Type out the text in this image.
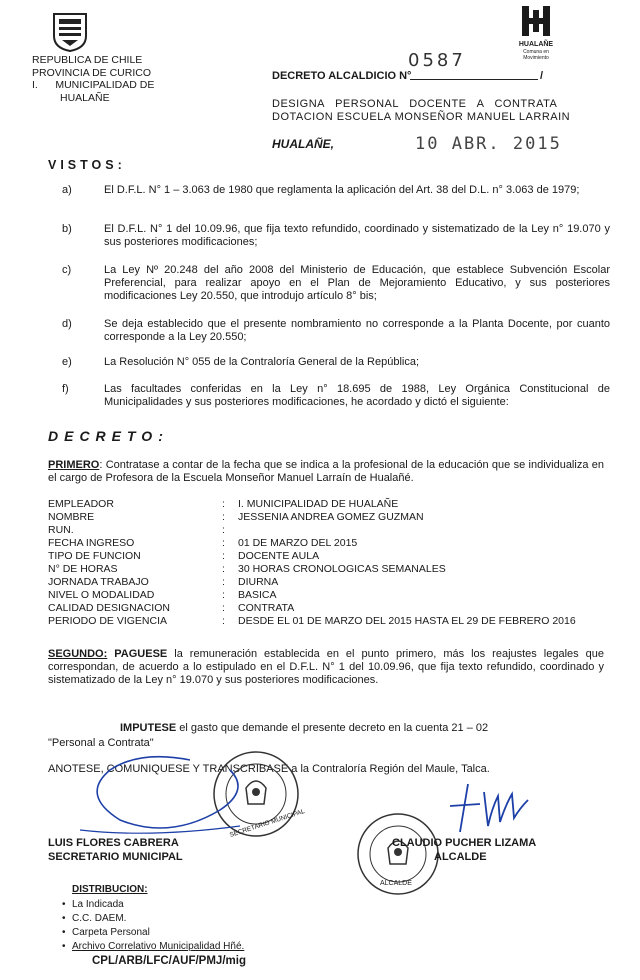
REPUBLICA DE CHILE
PROVINCIA DE CURICO
I.      MUNICIPALIDAD DE
HUALAÑE
HUALAÑE
Comuna en Movimiento
0587
DECRETO ALCALDICIO N°	/
DESIGNA   PERSONAL   DOCENTE   A   CONTRATA
DOTACION ESCUELA MONSEÑOR MANUEL LARRAIN
HUALAÑE,	10 ABR. 2015
VISTOS:
a)	El D.F.L. N° 1 – 3.063 de 1980 que reglamenta la aplicación del Art. 38 del D.L. n° 3.063 de 1979;
b)	El D.F.L. N° 1 del 10.09.96, que fija texto refundido, coordinado y sistematizado de la Ley n° 19.070 y sus posteriores modificaciones;
c)	La Ley Nº 20.248 del año 2008 del Ministerio de Educación, que establece Subvención Escolar Preferencial, para realizar apoyo en el Plan de Mejoramiento Educativo, y sus posteriores modificaciones Ley 20.550, que introdujo artículo 8° bis;
d)	Se deja establecido que el presente nombramiento no corresponde a la Planta Docente, por cuanto corresponde a la Ley 20.550;
e)	La Resolución N° 055 de la Contraloría General de la República;
f)	Las facultades conferidas en la Ley n° 18.695 de 1988, Ley Orgánica Constitucional de Municipalidades y sus posteriores modificaciones, he acordado y dictó el siguiente:
DECRETO:
PRIMERO: Contratase a contar de la fecha que se indica a la profesional de la educación que se individualiza en el cargo de Profesora de la Escuela Monseñor Manuel Larraín de Hualañé.
EMPLEADOR	: I. MUNICIPALIDAD DE HUALAÑE
NOMBRE	: JESSENIA ANDREA GOMEZ GUZMAN
RUN.	:
FECHA INGRESO	: 01 DE MARZO DEL 2015
TIPO DE FUNCION	: DOCENTE AULA
N° DE HORAS	: 30 HORAS CRONOLOGICAS SEMANALES
JORNADA TRABAJO	: DIURNA
NIVEL O MODALIDAD	: BASICA
CALIDAD DESIGNACION	: CONTRATA
PERIODO DE VIGENCIA	: DESDE EL 01 DE MARZO DEL 2015 HASTA EL 29 DE FEBRERO 2016
SEGUNDO: PAGUESE la remuneración establecida en el punto primero, más los reajustes legales que correspondan, de acuerdo a lo estipulado en el D.F.L. N° 1 del 10.09.96, que fija texto refundido, coordinado y sistematizado de la Ley n° 19.070 y sus posteriores modificaciones.
IMPUTESE el gasto que demande el presente decreto en la cuenta 21 – 02
"Personal a Contrata"
ANOTESE, COMUNIQUESE Y TRANSCRIBASE a la Contraloría Región del Maule, Talca.
SECRETARIO MUNICIPAL
ALCALDE
LUIS FLORES CABRERA
SECRETARIO MUNICIPAL
CLAUDIO PUCHER LIZAMA
ALCALDE
DISTRIBUCION:
• La Indicada
• C.C. DAEM.
• Carpeta Personal
• Archivo Correlativo Municipalidad Hñé.
CPL/ARB/LFC/AUF/PMJ/mig
